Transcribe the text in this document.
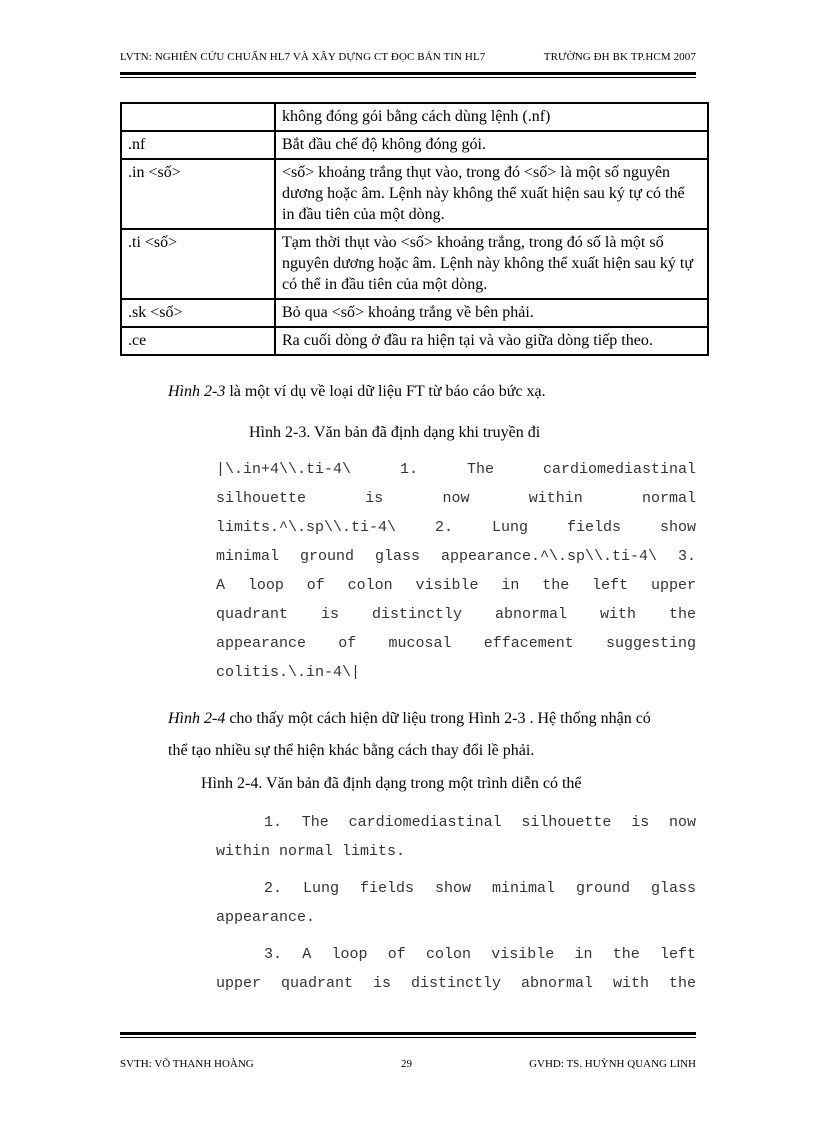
LVTN: NGHIÊN CỨU CHUẨN HL7 VÀ XÂY DỰNG CT ĐỌC BẢN TIN HL7	TRƯỜNG ĐH BK TP.HCM 2007
	không đóng gói bằng cách dùng lệnh (.nf)
.nf	Bắt đầu chế độ không đóng gói.
.in <số>	<số> khoảng trắng thụt vào, trong đó <số> là một số nguyên dương hoặc âm. Lệnh này không thể xuất hiện sau ký tự có thể in đầu tiên của một dòng.
.ti <số>	Tạm thời thụt vào <số> khoảng trắng, trong đó số là một số nguyên dương hoặc âm. Lệnh này không thể xuất hiện sau ký tự có thể in đầu tiên của một dòng.
.sk <số>	Bỏ qua <số> khoảng trắng về bên phải.
.ce	Ra cuối dòng ở đầu ra hiện tại và vào giữa dòng tiếp theo.
Hình 2-3 là một ví dụ về loại dữ liệu FT từ báo cáo bức xạ.
Hình 2-3. Văn bản đã định dạng khi truyền đi
|\.in+4\\.ti-4\ 1. The cardiomediastinal
silhouette is now within normal
limits.^\.sp\\.ti-4\ 2. Lung fields show
minimal ground glass appearance.^\.sp\\.ti-4\ 3.
A loop of colon visible in the left upper
quadrant is distinctly abnormal with the
appearance of mucosal effacement suggesting
colitis.\.in-4\|
Hình 2-4 cho thấy một cách hiện dữ liệu trong Hình 2-3 . Hệ thống nhận có
thể tạo nhiều sự thể hiện khác bằng cách thay đổi lề phải.
Hình 2-4. Văn bản đã định dạng trong một trình diễn có thể
1. The cardiomediastinal silhouette is now
within normal limits.
2. Lung fields show minimal ground glass
appearance.
3. A loop of colon visible in the left
upper quadrant is distinctly abnormal with the
SVTH: VÕ THANH HOÀNG	29	GVHD: TS. HUỲNH QUANG LINH
